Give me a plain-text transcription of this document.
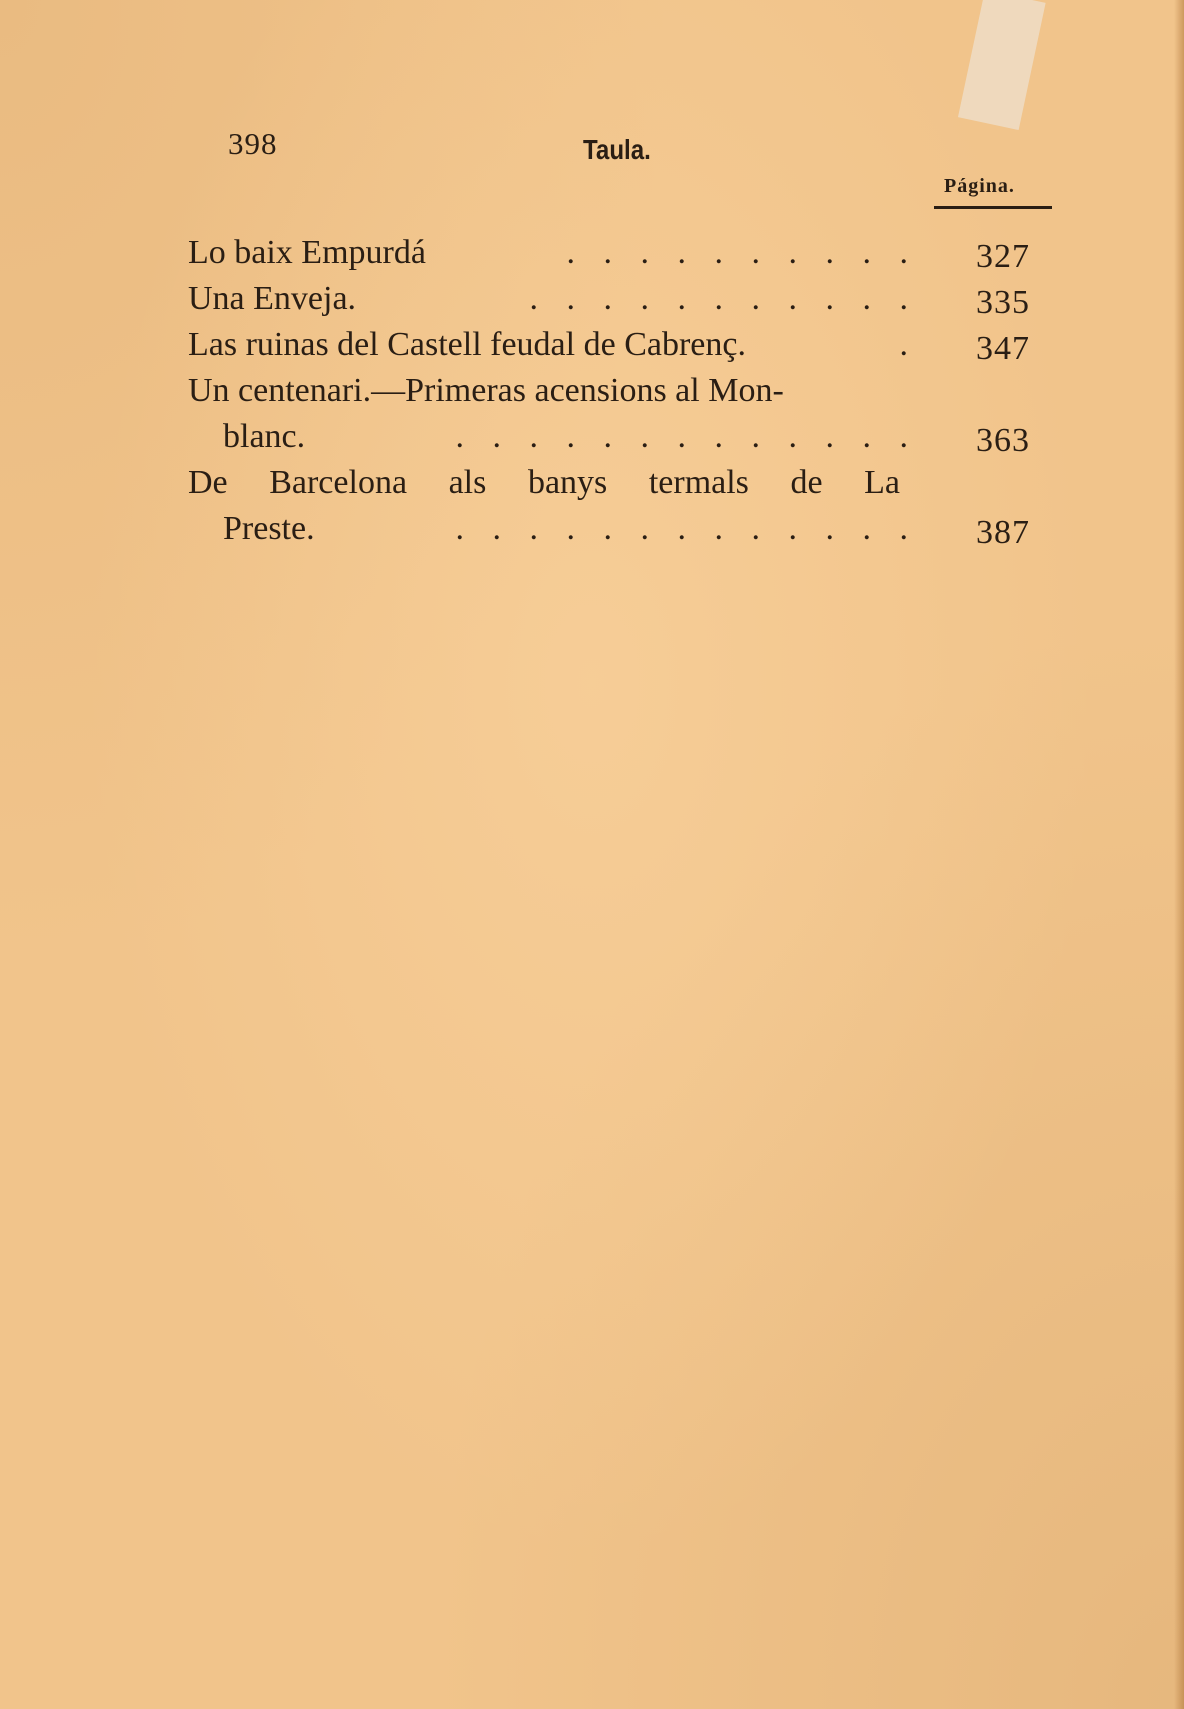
398	Taula.
Página.
Lo baix Empurdá	. . . . . . . . . . 327
Una Enveja.	. . . . . . . . . . . 335
Las ruinas del Castell feudal de Cabrenç.	. 347
Un centenari.—Primeras acensions al Mon-
blanc.	. . . . . . . . . . . . . 363
De Barcelona als banys termals de La
Preste.	. . . . . . . . . . . . . 387
